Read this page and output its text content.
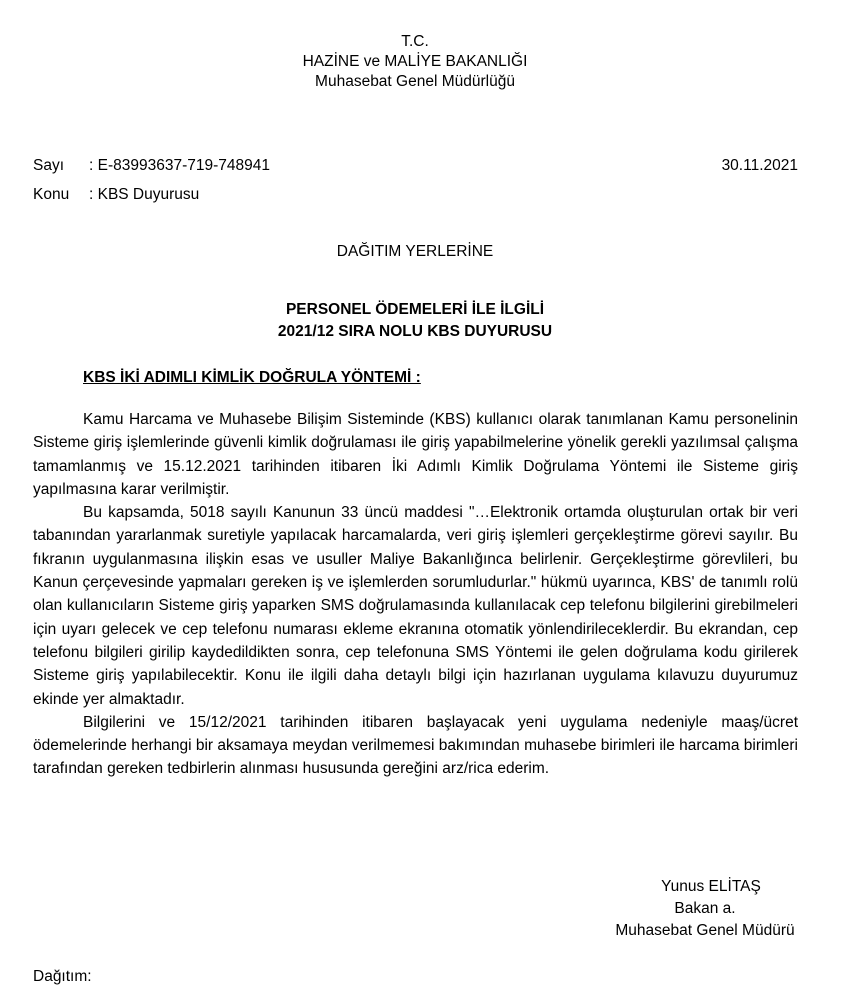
T.C.
HAZİNE ve MALİYE BAKANLIĞI
Muhasebat Genel Müdürlüğü
Sayı : E-83993637-719-748941	30.11.2021
Konu : KBS Duyurusu
DAĞITIM YERLERİNE
PERSONEL ÖDEMELERİ İLE İLGİLİ
2021/12 SIRA NOLU KBS DUYURUSU
KBS İKİ ADIMLI KİMLİK DOĞRULA YÖNTEMİ :

Kamu Harcama ve Muhasebe Bilişim Sisteminde (KBS) kullanıcı olarak tanımlanan Kamu personelinin Sisteme giriş işlemlerinde güvenli kimlik doğrulaması ile giriş yapabilmelerine yönelik gerekli yazılımsal çalışma tamamlanmış ve 15.12.2021 tarihinden itibaren İki Adımlı Kimlik Doğrulama Yöntemi ile Sisteme giriş yapılmasına karar verilmiştir.

Bu kapsamda, 5018 sayılı Kanunun 33 üncü maddesi "…Elektronik ortamda oluşturulan ortak bir veri tabanından yararlanmak suretiyle yapılacak harcamalarda, veri giriş işlemleri gerçekleştirme görevi sayılır. Bu fıkranın uygulanmasına ilişkin esas ve usuller Maliye Bakanlığınca belirlenir. Gerçekleştirme görevlileri, bu Kanun çerçevesinde yapmaları gereken iş ve işlemlerden sorumludurlar." hükmü uyarınca, KBS' de tanımlı rolü olan kullanıcıların Sisteme giriş yaparken SMS doğrulamasında kullanılacak cep telefonu bilgilerini girebilmeleri için uyarı gelecek ve cep telefonu numarası ekleme ekranına otomatik yönlendirileceklerdir. Bu ekrandan, cep telefonu bilgileri girilip kaydedildikten sonra, cep telefonuna SMS Yöntemi ile gelen doğrulama kodu girilerek Sisteme giriş yapılabilecektir. Konu ile ilgili daha detaylı bilgi için hazırlanan uygulama kılavuzu duyurumuz ekinde yer almaktadır.

Bilgilerini ve 15/12/2021 tarihinden itibaren başlayacak yeni uygulama nedeniyle maaş/ücret ödemelerinde herhangi bir aksamaya meydan verilmemesi bakımından muhasebe birimleri ile harcama birimleri tarafından gereken tedbirlerin alınması hususunda gereğini arz/rica ederim.

Yunus ELİTAŞ
Bakan a.
Muhasebat Genel Müdürü
Dağıtım:
